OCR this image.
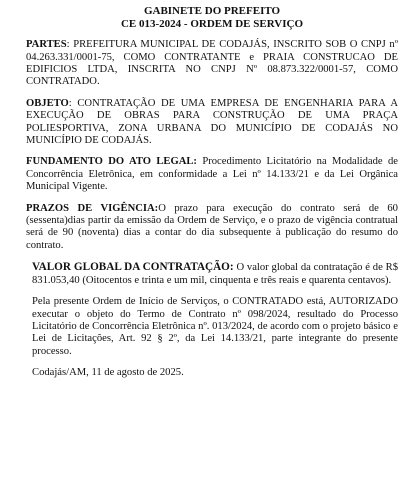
GABINETE DO PREFEITO
CE 013-2024 - ORDEM DE SERVIÇO

PARTES: PREFEITURA MUNICIPAL DE CODAJÁS, INSCRITO SOB O CNPJ nº 04.263.331/0001-75, COMO CONTRATANTE e PRAIA CONSTRUCAO DE EDIFICIOS LTDA, INSCRITA NO CNPJ Nº 08.873.322/0001-57, COMO CONTRATADO.

OBJETO: CONTRATAÇÃO DE UMA EMPRESA DE ENGENHARIA PARA A EXECUÇÃO DE OBRAS PARA CONSTRUÇÃO DE UMA PRAÇA POLIESPORTIVA, ZONA URBANA DO MUNICÍPIO DE CODAJÁS NO MUNICÍPIO DE CODAJÁS.

FUNDAMENTO DO ATO LEGAL: Procedimento Licitatório na Modalidade de Concorrência Eletrônica, em conformidade a Lei nº 14.133/21 e da Lei Orgânica Municipal Vigente.

PRAZOS DE VIGÊNCIA:O prazo para execução do contrato será de 60 (sessenta)dias partir da emissão da Ordem de Serviço, e o prazo de vigência contratual será de 90 (noventa) dias a contar do dia subsequente à publicação do resumo do contrato.

VALOR GLOBAL DA CONTRATAÇÃO: O valor global da contratação é de R$ 831.053,40 (Oitocentos e trinta e um mil, cinquenta e três reais e quarenta centavos).

Pela presente Ordem de Início de Serviços, o CONTRATADO está, AUTORIZADO executar o objeto do Termo de Contrato nº 098/2024, resultado do Processo Licitatório de Concorrência Eletrônica nº. 013/2024, de acordo com o projeto básico e Lei de Licitações, Art. 92 § 2º, da Lei 14.133/21, parte integrante do presente processo.

Codajás/AM, 11 de agosto de 2025.
